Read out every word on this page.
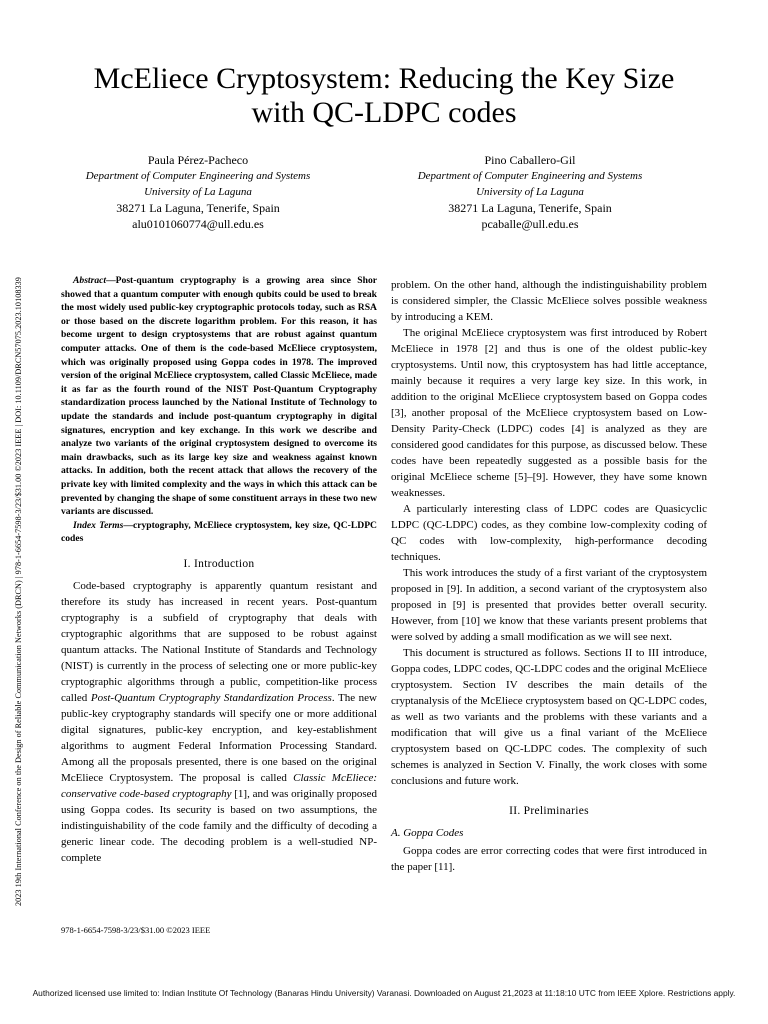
2023 19th International Conference on the Design of Reliable Communication Networks (DRCN) | 978-1-6654-7598-3/23/$31.00 ©2023 IEEE | DOI: 10.1109/DRCN57075.2023.10108339
McEliece Cryptosystem: Reducing the Key Size
with QC-LDPC codes
Paula Pérez-Pacheco
Department of Computer Engineering and Systems
University of La Laguna
38271 La Laguna, Tenerife, Spain
alu0101060774@ull.edu.es
Pino Caballero-Gil
Department of Computer Engineering and Systems
University of La Laguna
38271 La Laguna, Tenerife, Spain
pcaballe@ull.edu.es

Abstract—Post-quantum cryptography is a growing area since Shor showed that a quantum computer with enough qubits could be used to break the most widely used public-key cryptographic protocols today, such as RSA or those based on the discrete logarithm problem. For this reason, it has become urgent to design cryptosystems that are robust against quantum computer attacks. One of them is the code-based McEliece cryptosystem, which was originally proposed using Goppa codes in 1978. The improved version of the original McEliece cryptosystem, called Classic McEliece, made it as far as the fourth round of the NIST Post-Quantum Cryptography standardization process launched by the National Institute of Technology to update the standards and include post-quantum cryptography in digital signatures, encryption and key exchange. In this work we describe and analyze two variants of the original cryptosystem designed to overcome its main drawbacks, such as its large key size and weakness against known attacks. In addition, both the recent attack that allows the recovery of the private key with limited complexity and the ways in which this attack can be prevented by changing the shape of some constituent arrays in these two new variants are discussed.

Index Terms—cryptography, McEliece cryptosystem, key size, QC-LDPC codes

I. Introduction

Code-based cryptography is apparently quantum resistant and therefore its study has increased in recent years. Post-quantum cryptography is a subfield of cryptography that deals with cryptographic algorithms that are supposed to be robust against quantum attacks. The National Institute of Standards and Technology (NIST) is currently in the process of selecting one or more public-key cryptographic algorithms through a public, competition-like process called Post-Quantum Cryptography Standardization Process. The new public-key cryptography standards will specify one or more additional digital signatures, public-key encryption, and key-establishment algorithms to augment Federal Information Processing Standard. Among all the proposals presented, there is one based on the original McEliece Cryptosystem. The proposal is called Classic McEliece: conservative code-based cryptography [1], and was originally proposed using Goppa codes. Its security is based on two assumptions, the indistinguishability of the code family and the difficulty of decoding a generic linear code. The decoding problem is a well-studied NP-complete

problem. On the other hand, although the indistinguishability problem is considered simpler, the Classic McEliece solves possible weakness by introducing a KEM.

The original McEliece cryptosystem was first introduced by Robert McEliece in 1978 [2] and thus is one of the oldest public-key cryptosystems. Until now, this cryptosystem has had little acceptance, mainly because it requires a very large key size. In this work, in addition to the original McEliece cryptosystem based on Goppa codes [3], another proposal of the McEliece cryptosystem based on Low-Density Parity-Check (LDPC) codes [4] is analyzed as they are considered good candidates for this purpose, as discussed below. These codes have been repeatedly suggested as a possible basis for the original McEliece scheme [5]–[9]. However, they have some known weaknesses.

A particularly interesting class of LDPC codes are Quasicyclic LDPC (QC-LDPC) codes, as they combine low-complexity coding of QC codes with low-complexity, high-performance decoding techniques.

This work introduces the study of a first variant of the cryptosystem proposed in [9]. In addition, a second variant of the cryptosystem also proposed in [9] is presented that provides better overall security. However, from [10] we know that these variants present problems that were solved by adding a small modification as we will see next.

This document is structured as follows. Sections II to III introduce, Goppa codes, LDPC codes, QC-LDPC codes and the original McEliece cryptosystem. Section IV describes the main details of the cryptanalysis of the McEliece cryptosystem based on QC-LDPC codes, as well as two variants and the problems with these variants and a modification that will give us a final variant of the McEliece cryptosystem based on QC-LDPC codes. The complexity of such schemes is analyzed in Section V. Finally, the work closes with some conclusions and future work.

II. Preliminaries
A. Goppa Codes

Goppa codes are error correcting codes that were first introduced in the paper [11].

978-1-6654-7598-3/23/$31.00 ©2023 IEEE
Authorized licensed use limited to: Indian Institute Of Technology (Banaras Hindu University) Varanasi. Downloaded on August 21,2023 at 11:18:10 UTC from IEEE Xplore. Restrictions apply.
